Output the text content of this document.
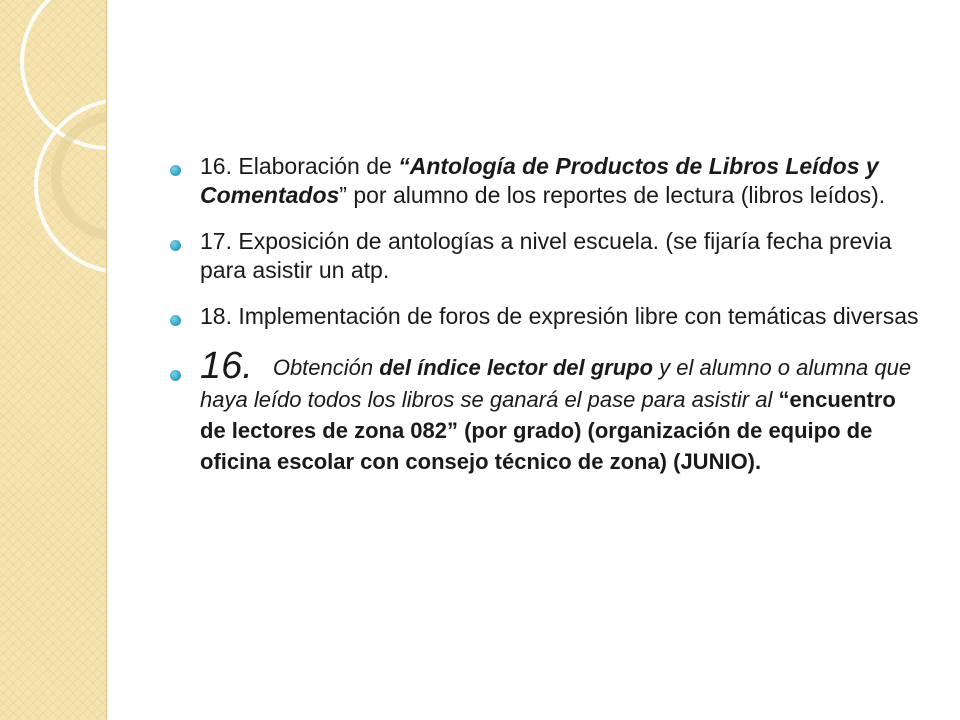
16. Elaboración de “Antología de Productos de Libros Leídos y Comentados” por alumno de los reportes de lectura (libros leídos).
17. Exposición de antologías a nivel escuela. (se fijaría fecha previa para asistir un atp.
18. Implementación de foros de expresión libre con temáticas diversas
16. Obtención del índice lector del grupo y el alumno o alumna que haya leído todos los libros se ganará el pase para asistir al “encuentro de lectores de zona 082” (por grado) (organización de equipo de oficina escolar con consejo técnico de zona) (JUNIO).
